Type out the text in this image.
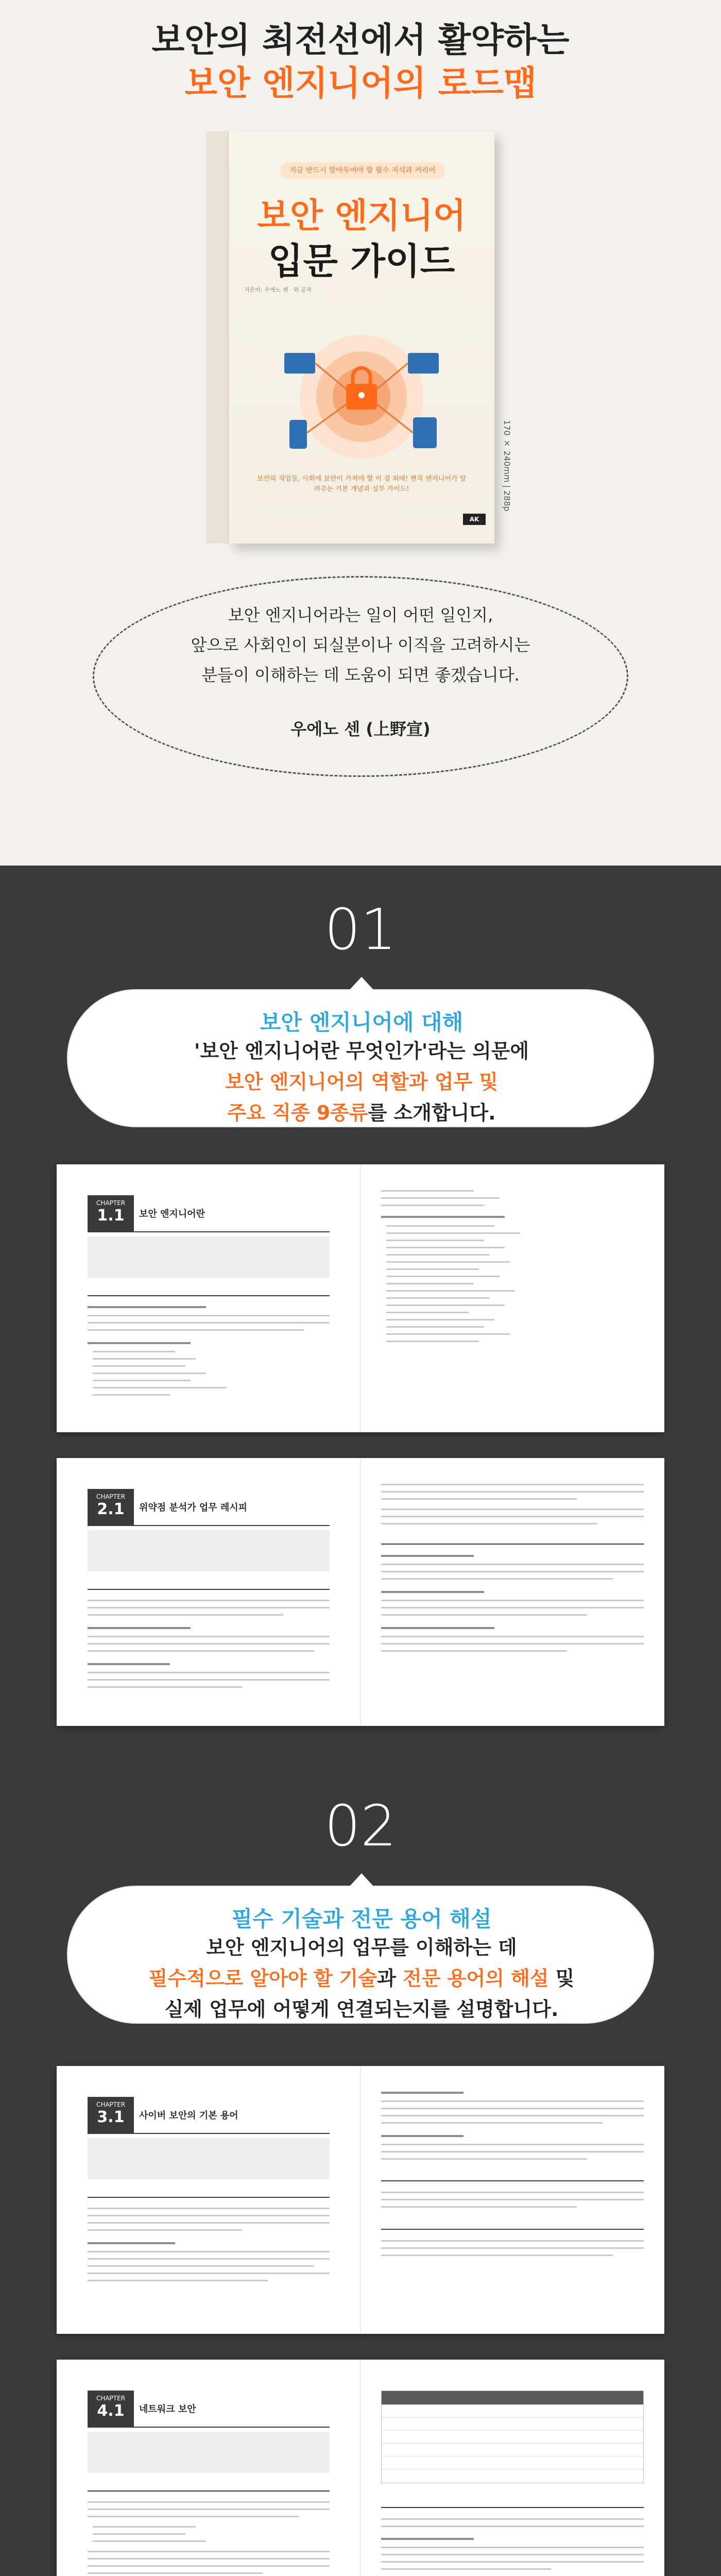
보안의 최전선에서 활약하는
보안 엔지니어의 로드맵
지금 반드시 알아두어야 할 필수 지식과 커리어
보안 엔지니어
입문 가이드
지은이: 우에노 센 · 외 공저
보안의 직업들, 사회에 보안이 가져야 할 이 점 외에! 현직 엔지니어가 알려주는 기본 개념과 실무 가이드!
AK
170 × 240mm | 288p
보안 엔지니어라는 일이 어떤 일인지,
앞으로 사회인이 되실분이나 이직을 고려하시는
분들이 이해하는 데 도움이 되면 좋겠습니다.
우에노 센 (上野宣)
01
보안 엔지니어에 대해
'보안 엔지니어란 무엇인가'라는 의문에
보안 엔지니어의 역할과 업무 및
주요 직종 9종류를 소개합니다.
CHAPTER
1.1	보안 엔지니어란
CHAPTER
2.1	위약점 분석가 업무 레시피
02
필수 기술과 전문 용어 해설
보안 엔지니어의 업무를 이해하는 데
필수적으로 알아야 할 기술과 전문 용어의 해설 및
실제 업무에 어떻게 연결되는지를 설명합니다.
CHAPTER
3.1	사이버 보안의 기본 용어
CHAPTER
4.1	네트워크 보안
